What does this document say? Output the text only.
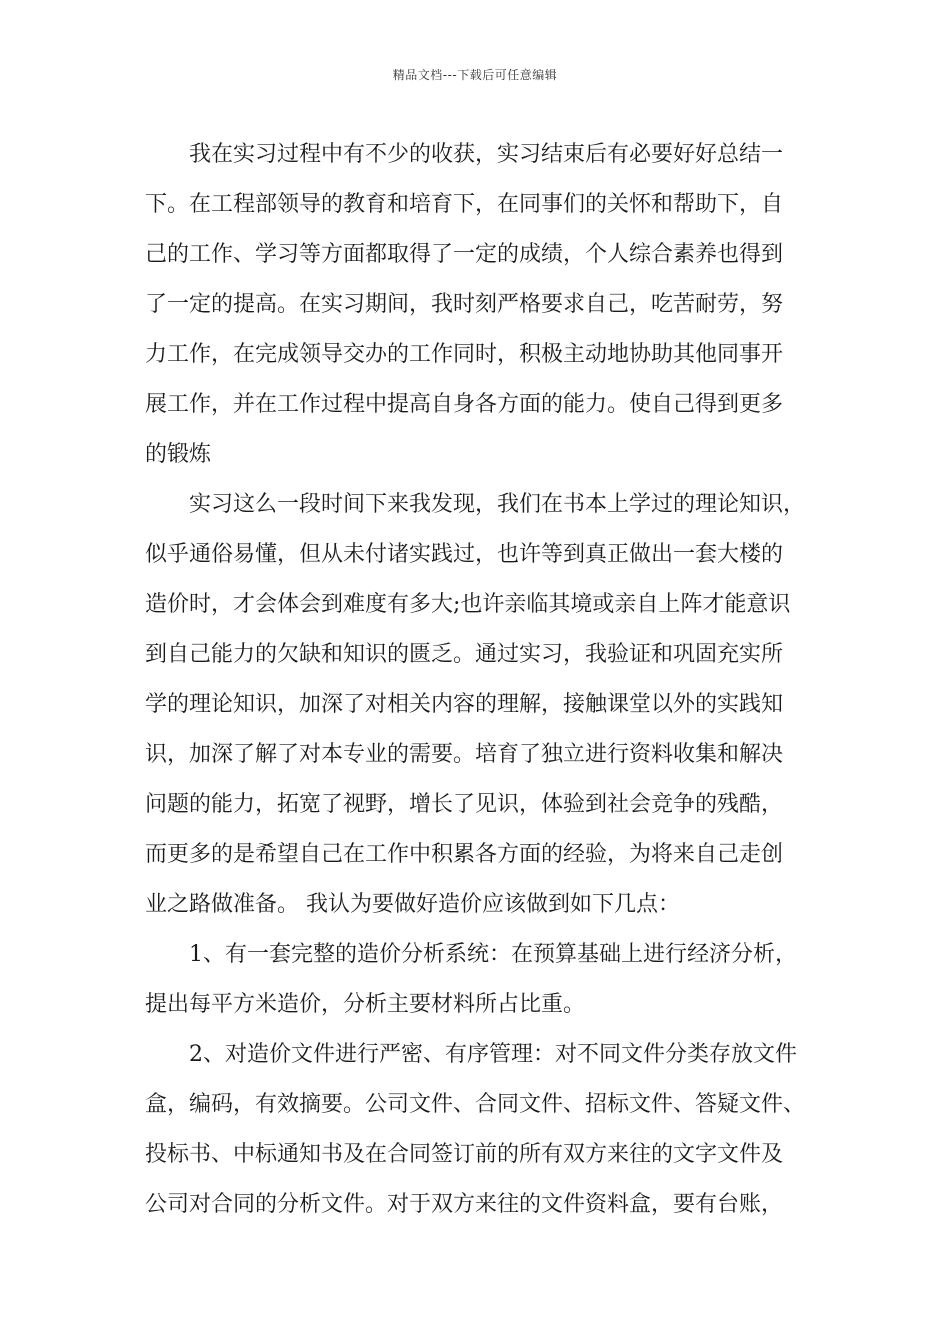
精品文档---下载后可任意编辑
我在实习过程中有不少的收获，实习结束后有必要好好总结一
下。在工程部领导的教育和培育下，在同事们的关怀和帮助下，自
己的工作、学习等方面都取得了一定的成绩，个人综合素养也得到
了一定的提高。在实习期间，我时刻严格要求自己，吃苦耐劳，努
力工作，在完成领导交办的工作同时，积极主动地协助其他同事开
展工作，并在工作过程中提高自身各方面的能力。使自己得到更多
的锻炼
实习这么一段时间下来我发现，我们在书本上学过的理论知识，
似乎通俗易懂，但从未付诸实践过，也许等到真正做出一套大楼的
造价时，才会体会到难度有多大;也许亲临其境或亲自上阵才能意识
到自己能力的欠缺和知识的匮乏。通过实习，我验证和巩固充实所
学的理论知识，加深了对相关内容的理解，接触课堂以外的实践知
识，加深了解了对本专业的需要。培育了独立进行资料收集和解决
问题的能力，拓宽了视野，增长了见识，体验到社会竞争的残酷，
而更多的是希望自己在工作中积累各方面的经验，为将来自己走创
业之路做准备。 我认为要做好造价应该做到如下几点：
1、有一套完整的造价分析系统：在预算基础上进行经济分析，
提出每平方米造价，分析主要材料所占比重。
2、对造价文件进行严密、有序管理：对不同文件分类存放文件
盒，编码，有效摘要。公司文件、合同文件、招标文件、答疑文件、
投标书、中标通知书及在合同签订前的所有双方来往的文字文件及
公司对合同的分析文件。对于双方来往的文件资料盒，要有台账，
